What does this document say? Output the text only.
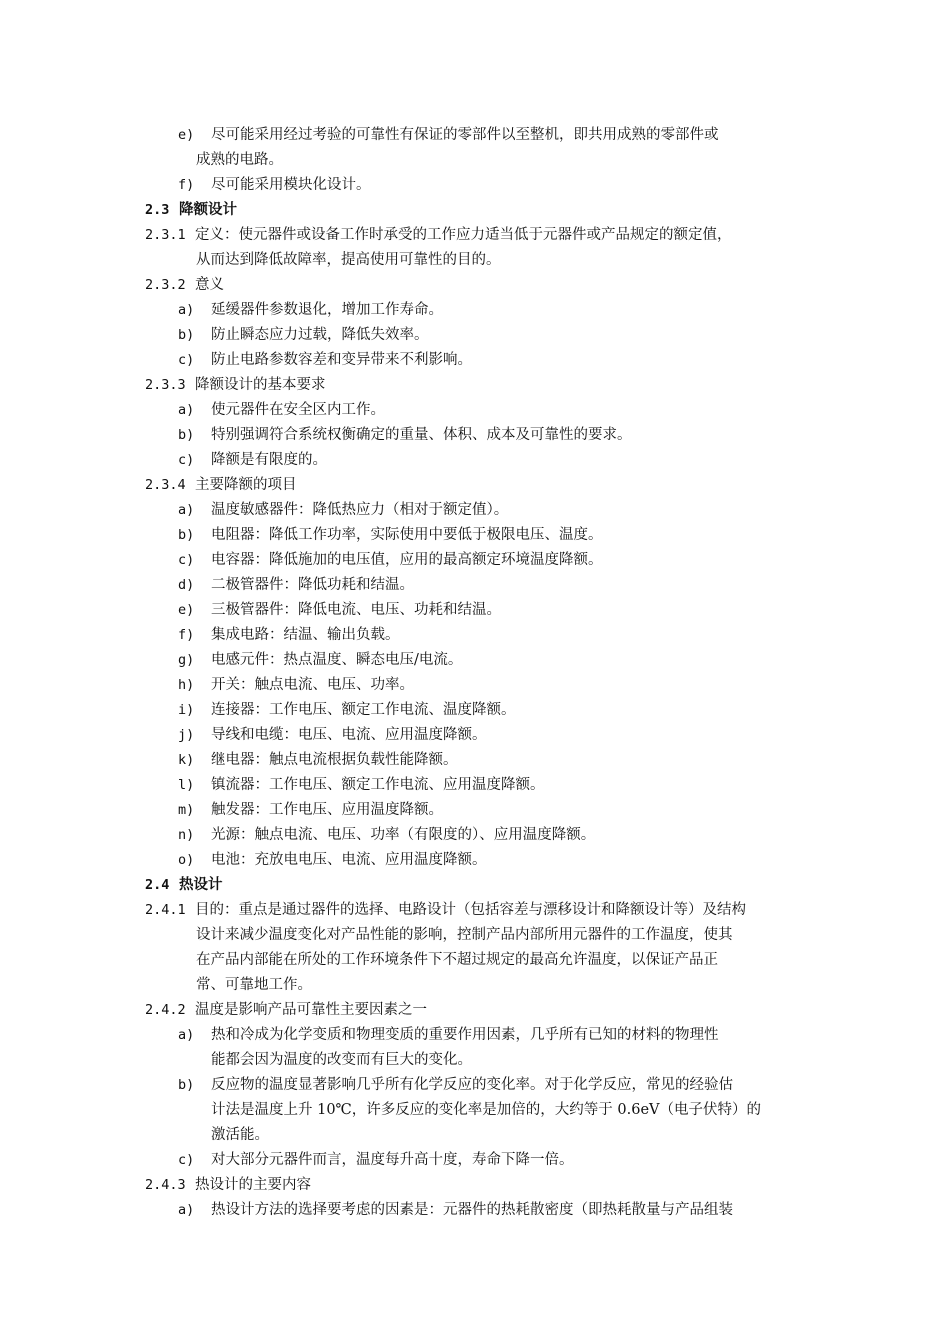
e) 尽可能采用经过考验的可靠性有保证的零部件以至整机，即共用成熟的零部件或
成熟的电路。
f) 尽可能采用模块化设计。
2.3 降额设计
2.3.1 定义：使元器件或设备工作时承受的工作应力适当低于元器件或产品规定的额定值，
从而达到降低故障率，提高使用可靠性的目的。
2.3.2 意义
a) 延缓器件参数退化，增加工作寿命。
b) 防止瞬态应力过载，降低失效率。
c) 防止电路参数容差和变异带来不利影响。
2.3.3 降额设计的基本要求
a) 使元器件在安全区内工作。
b) 特别强调符合系统权衡确定的重量、体积、成本及可靠性的要求。
c) 降额是有限度的。
2.3.4 主要降额的项目
a) 温度敏感器件：降低热应力（相对于额定值）。
b) 电阻器：降低工作功率，实际使用中要低于极限电压、温度。
c) 电容器：降低施加的电压值，应用的最高额定环境温度降额。
d) 二极管器件：降低功耗和结温。
e) 三极管器件：降低电流、电压、功耗和结温。
f) 集成电路：结温、输出负载。
g) 电感元件：热点温度、瞬态电压/电流。
h) 开关：触点电流、电压、功率。
i) 连接器：工作电压、额定工作电流、温度降额。
j) 导线和电缆：电压、电流、应用温度降额。
k) 继电器：触点电流根据负载性能降额。
l) 镇流器：工作电压、额定工作电流、应用温度降额。
m) 触发器：工作电压、应用温度降额。
n) 光源：触点电流、电压、功率（有限度的）、应用温度降额。
o) 电池：充放电电压、电流、应用温度降额。
2.4 热设计
2.4.1 目的：重点是通过器件的选择、电路设计（包括容差与漂移设计和降额设计等）及结构
设计来减少温度变化对产品性能的影响，控制产品内部所用元器件的工作温度，使其
在产品内部能在所处的工作环境条件下不超过规定的最高允许温度，以保证产品正
常、可靠地工作。
2.4.2 温度是影响产品可靠性主要因素之一
a) 热和冷成为化学变质和物理变质的重要作用因素，几乎所有已知的材料的物理性
能都会因为温度的改变而有巨大的变化。
b) 反应物的温度显著影响几乎所有化学反应的变化率。对于化学反应，常见的经验估
计法是温度上升 10℃，许多反应的变化率是加倍的，大约等于 0.6eV（电子伏特）的
激活能。
c) 对大部分元器件而言，温度每升高十度，寿命下降一倍。
2.4.3 热设计的主要内容
a) 热设计方法的选择要考虑的因素是：元器件的热耗散密度（即热耗散量与产品组装
